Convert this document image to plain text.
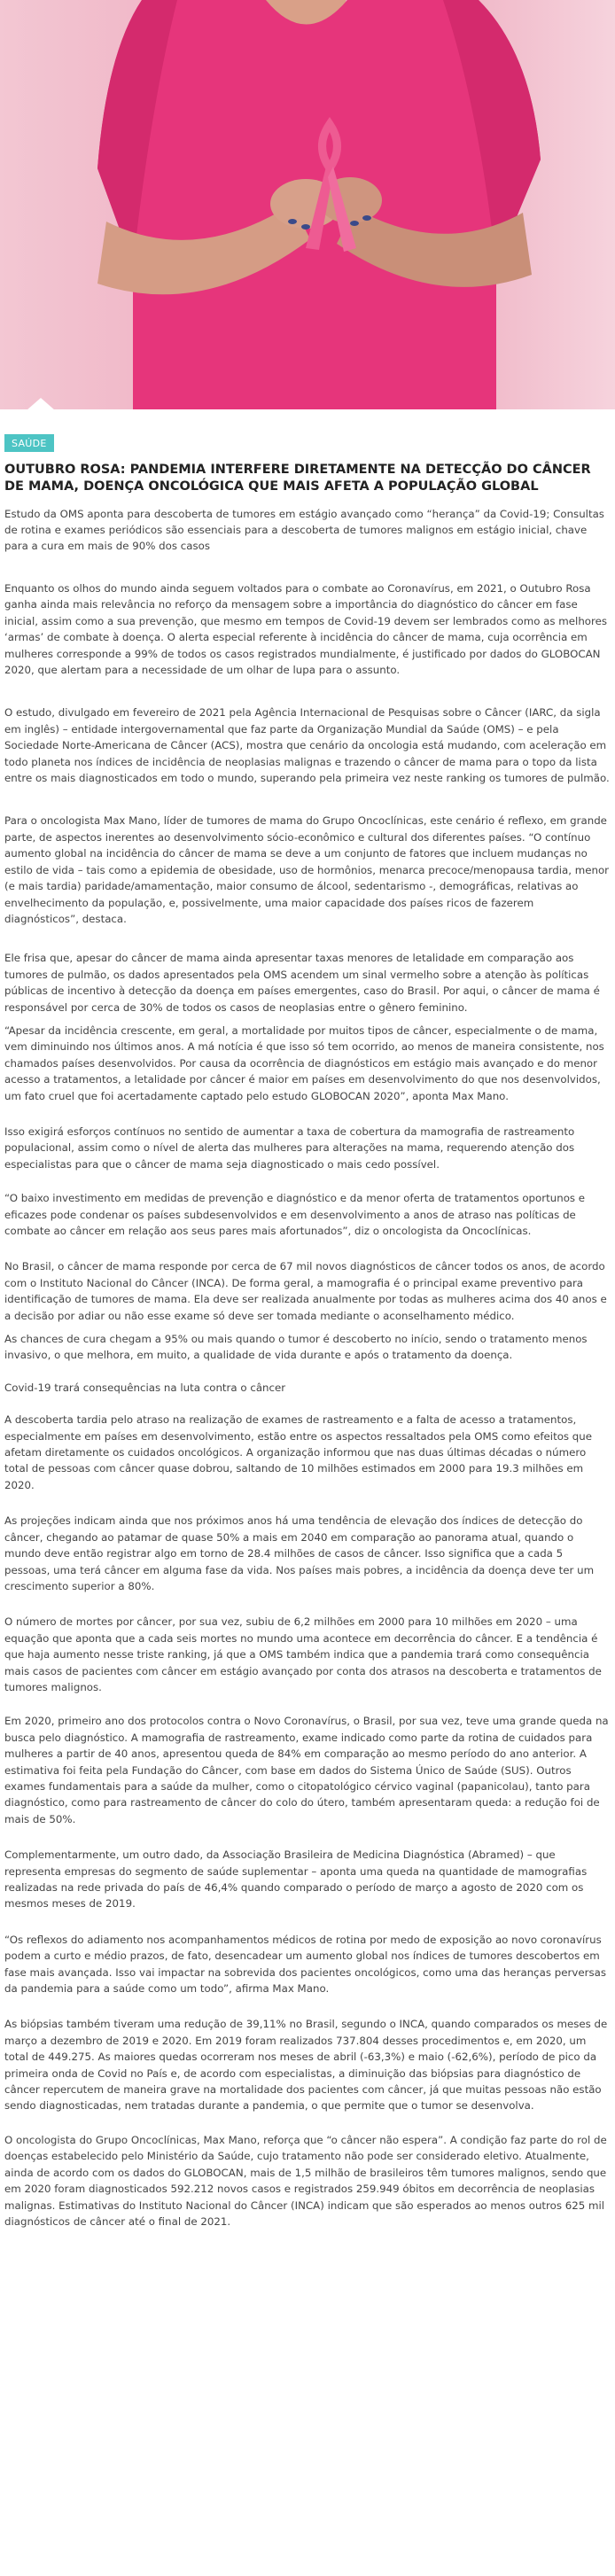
SAÚDE
OUTUBRO ROSA: PANDEMIA INTERFERE DIRETAMENTE NA DETECÇÃO DO CÂNCER DE MAMA, DOENÇA ONCOLÓGICA QUE MAIS AFETA A POPULAÇÃO GLOBAL

Estudo da OMS aponta para descoberta de tumores em estágio avançado como “herança” da Covid-19; Consultas de rotina e exames periódicos são essenciais para a descoberta de tumores malignos em estágio inicial, chave para a cura em mais de 90% dos casos

Enquanto os olhos do mundo ainda seguem voltados para o combate ao Coronavírus, em 2021, o Outubro Rosa ganha ainda mais relevância no reforço da mensagem sobre a importância do diagnóstico do câncer em fase inicial, assim como a sua prevenção, que mesmo em tempos de Covid-19 devem ser lembrados como as melhores ‘armas’ de combate à doença. O alerta especial referente à incidência do câncer de mama, cuja ocorrência em mulheres corresponde a 99% de todos os casos registrados mundialmente, é justificado por dados do GLOBOCAN 2020, que alertam para a necessidade de um olhar de lupa para o assunto.

O estudo, divulgado em fevereiro de 2021 pela Agência Internacional de Pesquisas sobre o Câncer (IARC, da sigla em inglês) – entidade intergovernamental que faz parte da Organização Mundial da Saúde (OMS) – e pela Sociedade Norte-Americana de Câncer (ACS), mostra que cenário da oncologia está mudando, com aceleração em todo planeta nos índices de incidência de neoplasias malignas e trazendo o câncer de mama para o topo da lista entre os mais diagnosticados em todo o mundo, superando pela primeira vez neste ranking os tumores de pulmão.

Para o oncologista Max Mano, líder de tumores de mama do Grupo Oncoclínicas, este cenário é reflexo, em grande parte, de aspectos inerentes ao desenvolvimento sócio-econômico e cultural dos diferentes países. “O contínuo aumento global na incidência do câncer de mama se deve a um conjunto de fatores que incluem mudanças no estilo de vida – tais como a epidemia de obesidade, uso de hormônios, menarca precoce/menopausa tardia, menor (e mais tardia) paridade/amamentação, maior consumo de álcool, sedentarismo -, demográficas, relativas ao envelhecimento da população, e, possivelmente, uma maior capacidade dos países ricos de fazerem diagnósticos”, destaca.

Ele frisa que, apesar do câncer de mama ainda apresentar taxas menores de letalidade em comparação aos tumores de pulmão, os dados apresentados pela OMS acendem um sinal vermelho sobre a atenção às políticas públicas de incentivo à detecção da doença em países emergentes, caso do Brasil. Por aqui, o câncer de mama é responsável por cerca de 30% de todos os casos de neoplasias entre o gênero feminino.

“Apesar da incidência crescente, em geral, a mortalidade por muitos tipos de câncer, especialmente o de mama, vem diminuindo nos últimos anos. A má notícia é que isso só tem ocorrido, ao menos de maneira consistente, nos chamados países desenvolvidos. Por causa da ocorrência de diagnósticos em estágio mais avançado e do menor acesso a tratamentos, a letalidade por câncer é maior em países em desenvolvimento do que nos desenvolvidos, um fato cruel que foi acertadamente captado pelo estudo GLOBOCAN 2020”, aponta Max Mano.

Isso exigirá esforços contínuos no sentido de aumentar a taxa de cobertura da mamografia de rastreamento populacional, assim como o nível de alerta das mulheres para alterações na mama, requerendo atenção dos especialistas para que o câncer de mama seja diagnosticado o mais cedo possível.

“O baixo investimento em medidas de prevenção e diagnóstico e da menor oferta de tratamentos oportunos e eficazes pode condenar os países subdesenvolvidos e em desenvolvimento a anos de atraso nas políticas de combate ao câncer em relação aos seus pares mais afortunados”, diz o oncologista da Oncoclínicas.

No Brasil, o câncer de mama responde por cerca de 67 mil novos diagnósticos de câncer todos os anos, de acordo com o Instituto Nacional do Câncer (INCA). De forma geral, a mamografia é o principal exame preventivo para identificação de tumores de mama. Ela deve ser realizada anualmente por todas as mulheres acima dos 40 anos e a decisão por adiar ou não esse exame só deve ser tomada mediante o aconselhamento médico.

As chances de cura chegam a 95% ou mais quando o tumor é descoberto no início, sendo o tratamento menos invasivo, o que melhora, em muito, a qualidade de vida durante e após o tratamento da doença.

Covid-19 trará consequências na luta contra o câncer

A descoberta tardia pelo atraso na realização de exames de rastreamento e a falta de acesso a tratamentos, especialmente em países em desenvolvimento, estão entre os aspectos ressaltados pela OMS como efeitos que afetam diretamente os cuidados oncológicos. A organização informou que nas duas últimas décadas o número total de pessoas com câncer quase dobrou, saltando de 10 milhões estimados em 2000 para 19.3 milhões em 2020.

As projeções indicam ainda que nos próximos anos há uma tendência de elevação dos índices de detecção do câncer, chegando ao patamar de quase 50% a mais em 2040 em comparação ao panorama atual, quando o mundo deve então registrar algo em torno de 28.4 milhões de casos de câncer. Isso significa que a cada 5 pessoas, uma terá câncer em alguma fase da vida. Nos países mais pobres, a incidência da doença deve ter um crescimento superior a 80%.

O número de mortes por câncer, por sua vez, subiu de 6,2 milhões em 2000 para 10 milhões em 2020 – uma equação que aponta que a cada seis mortes no mundo uma acontece em decorrência do câncer. E a tendência é que haja aumento nesse triste ranking, já que a OMS também indica que a pandemia trará como consequência mais casos de pacientes com câncer em estágio avançado por conta dos atrasos na descoberta e tratamentos de tumores malignos.

Em 2020, primeiro ano dos protocolos contra o Novo Coronavírus, o Brasil, por sua vez, teve uma grande queda na busca pelo diagnóstico. A mamografia de rastreamento, exame indicado como parte da rotina de cuidados para mulheres a partir de 40 anos, apresentou queda de 84% em comparação ao mesmo período do ano anterior. A estimativa foi feita pela Fundação do Câncer, com base em dados do Sistema Único de Saúde (SUS). Outros exames fundamentais para a saúde da mulher, como o citopatológico cérvico vaginal (papanicolau), tanto para diagnóstico, como para rastreamento de câncer do colo do útero, também apresentaram queda: a redução foi de mais de 50%.

Complementarmente, um outro dado, da Associação Brasileira de Medicina Diagnóstica (Abramed) – que representa empresas do segmento de saúde suplementar – aponta uma queda na quantidade de mamografias realizadas na rede privada do país de 46,4% quando comparado o período de março a agosto de 2020 com os mesmos meses de 2019.

“Os reflexos do adiamento nos acompanhamentos médicos de rotina por medo de exposição ao novo coronavírus podem a curto e médio prazos, de fato, desencadear um aumento global nos índices de tumores descobertos em fase mais avançada. Isso vai impactar na sobrevida dos pacientes oncológicos, como uma das heranças perversas da pandemia para a saúde como um todo”, afirma Max Mano.

As biópsias também tiveram uma redução de 39,11% no Brasil, segundo o INCA, quando comparados os meses de março a dezembro de 2019 e 2020. Em 2019 foram realizados 737.804 desses procedimentos e, em 2020, um total de 449.275. As maiores quedas ocorreram nos meses de abril (-63,3%) e maio (-62,6%), período de pico da primeira onda de Covid no País e, de acordo com especialistas, a diminuição das biópsias para diagnóstico de câncer repercutem de maneira grave na mortalidade dos pacientes com câncer, já que muitas pessoas não estão sendo diagnosticadas, nem tratadas durante a pandemia, o que permite que o tumor se desenvolva.

O oncologista do Grupo Oncoclínicas, Max Mano, reforça que “o câncer não espera”. A condição faz parte do rol de doenças estabelecido pelo Ministério da Saúde, cujo tratamento não pode ser considerado eletivo. Atualmente, ainda de acordo com os dados do GLOBOCAN, mais de 1,5 milhão de brasileiros têm tumores malignos, sendo que em 2020 foram diagnosticados 592.212 novos casos e registrados 259.949 óbitos em decorrência de neoplasias malignas. Estimativas do Instituto Nacional do Câncer (INCA) indicam que são esperados ao menos outros 625 mil diagnósticos de câncer até o final de 2021.
